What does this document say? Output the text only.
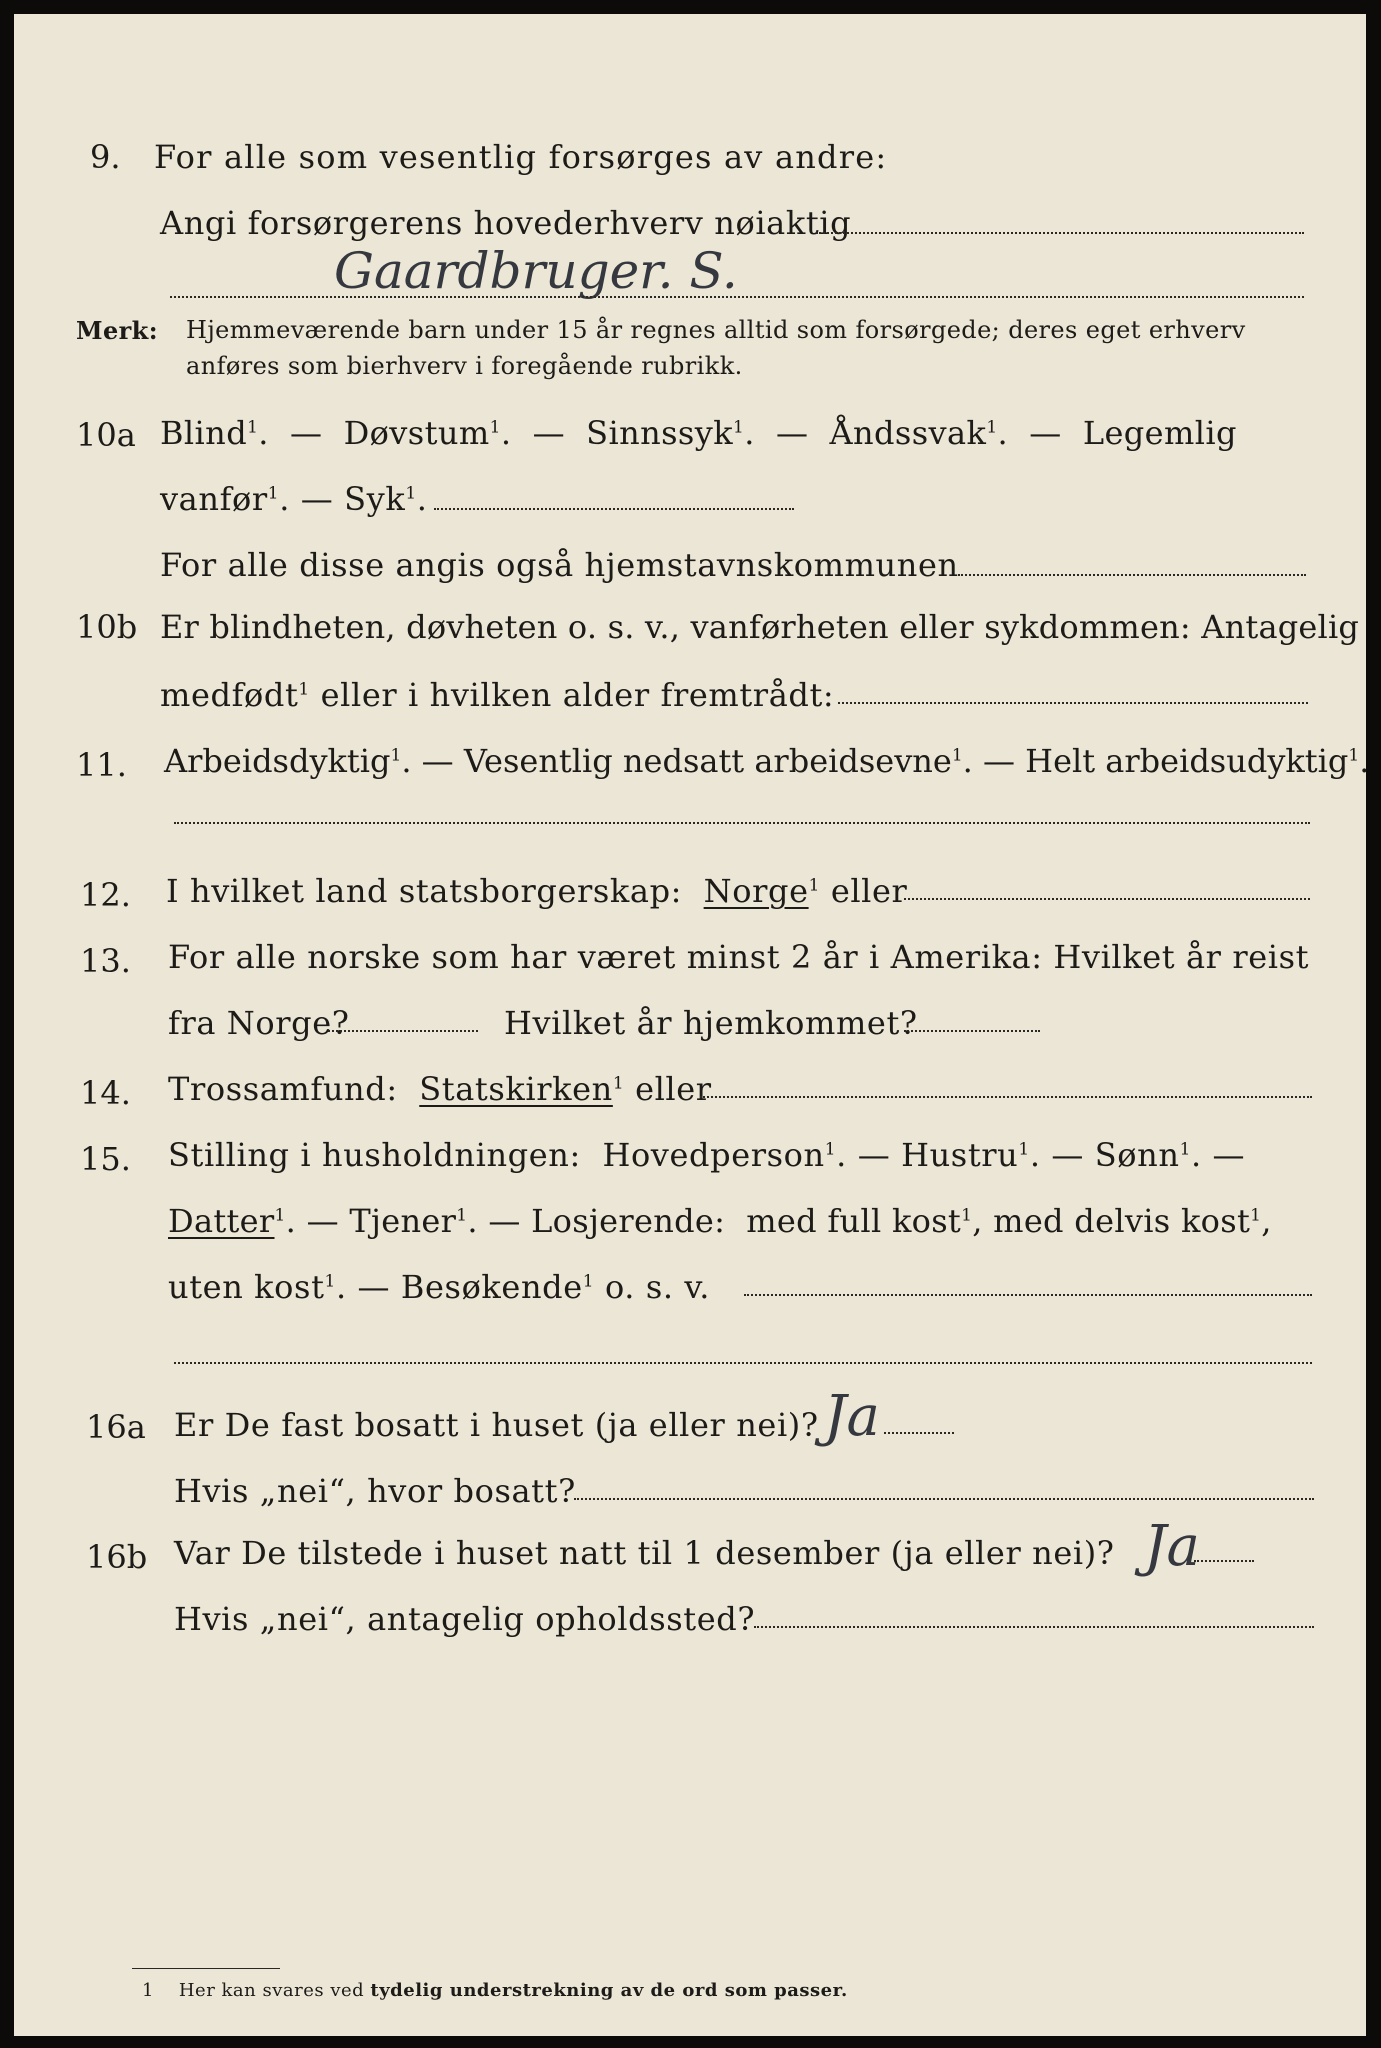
9. For alle som vesentlig forsørges av andre:
Angi forsørgerens hovederhverv nøiaktig
Gaardbruger. S.
Merk: Hjemmeværende barn under 15 år regnes alltid som forsørgede; deres eget erhverv
anføres som bierhverv i foregående rubrikk.
10a Blind$^1$.  — Døvstum$^1$.  — Sinnssyk$^1$.  — Åndssvak$^1$.  — Legemlig
vanfør$^1$. — Syk$^1$.
For alle disse angis også hjemstavnskommunen
10b Er blindheten, døvheten o. s. v., vanførheten eller sykdommen: Antagelig
medfødt$^1$ eller i hvilken alder fremtrådt:
11. Arbeidsdyktig$^1$. — Vesentlig nedsatt arbeidsevne$^1$. — Helt arbeidsudyktig$^1$.
12. I hvilket land statsborgerskap: Norge$^1$ eller
13. For alle norske som har været minst 2 år i Amerika: Hvilket år reist
fra Norge?	Hvilket år hjemkommet?
14. Trossamfund: Statskirken$^1$ eller
15. Stilling i husholdningen: Hovedperson$^1$. — Hustru$^1$. — Sønn$^1$. —
Datter$^1$. — Tjener$^1$. — Losjerende: med full kost$^1$, med delvis kost$^1$,
uten kost$^1$. — Besøkende$^1$ o. s. v.
16a Er De fast bosatt i huset (ja eller nei)? Ja
Hvis „nei“, hvor bosatt?
16b Var De tilstede i huset natt til 1 desember (ja eller nei)? Ja
Hvis „nei“, antagelig opholdssted?
1 Her kan svares ved tydelig understrekning av de ord som passer.
